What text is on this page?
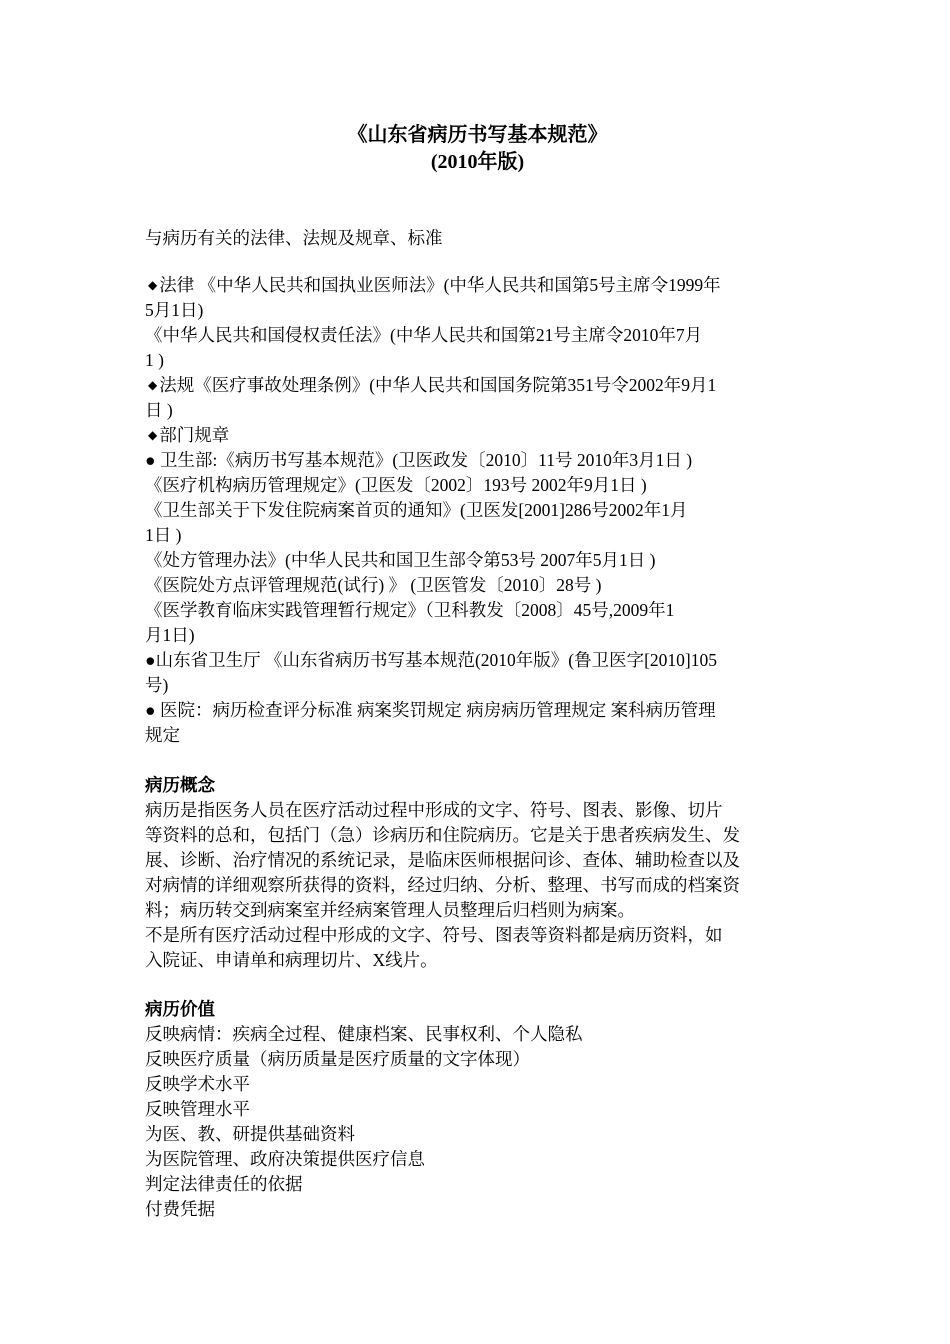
《山东省病历书写基本规范》
(2010年版)
与病历有关的法律、法规及规章、标准
◆ 法律 《中华人民共和国执业医师法》(中华人民共和国第5号主席令1999年
5月1日)
《中华人民共和国侵权责任法》(中华人民共和国第21号主席令2010年7月
1 )
◆ 法规《医疗事故处理条例》(中华人民共和国国务院第351号令2002年9月1
日 )
◆ 部门规章
● 卫生部:《病历书写基本规范》(卫医政发〔2010〕11号 2010年3月1日 )
《医疗机构病历管理规定》(卫医发〔2002〕193号 2002年9月1日 )
《卫生部关于下发住院病案首页的通知》(卫医发[2001]286号2002年1月
1日 )
《处方管理办法》(中华人民共和国卫生部令第53号 2007年5月1日 )
《医院处方点评管理规范(试行) 》 (卫医管发〔2010〕28号 )
《医学教育临床实践管理暂行规定》（卫科教发〔2008〕45号,2009年1
月1日)
●山东省卫生厅 《山东省病历书写基本规范(2010年版》(鲁卫医字[2010]105
号)
● 医院：病历检查评分标准 病案奖罚规定 病房病历管理规定 案科病历管理
规定
病历概念
病历是指医务人员在医疗活动过程中形成的文字、符号、图表、影像、切片
等资料的总和，包括门（急）诊病历和住院病历。它是关于患者疾病发生、发
展、诊断、治疗情况的系统记录，是临床医师根据问诊、查体、辅助检查以及
对病情的详细观察所获得的资料，经过归纳、分析、整理、书写而成的档案资
料；病历转交到病案室并经病案管理人员整理后归档则为病案。
不是所有医疗活动过程中形成的文字、符号、图表等资料都是病历资料，如
入院证、申请单和病理切片、X线片。
病历价值
反映病情：疾病全过程、健康档案、民事权利、个人隐私
反映医疗质量（病历质量是医疗质量的文字体现）
反映学术水平
反映管理水平
为医、教、研提供基础资料
为医院管理、政府决策提供医疗信息
判定法律责任的依据
付费凭据
